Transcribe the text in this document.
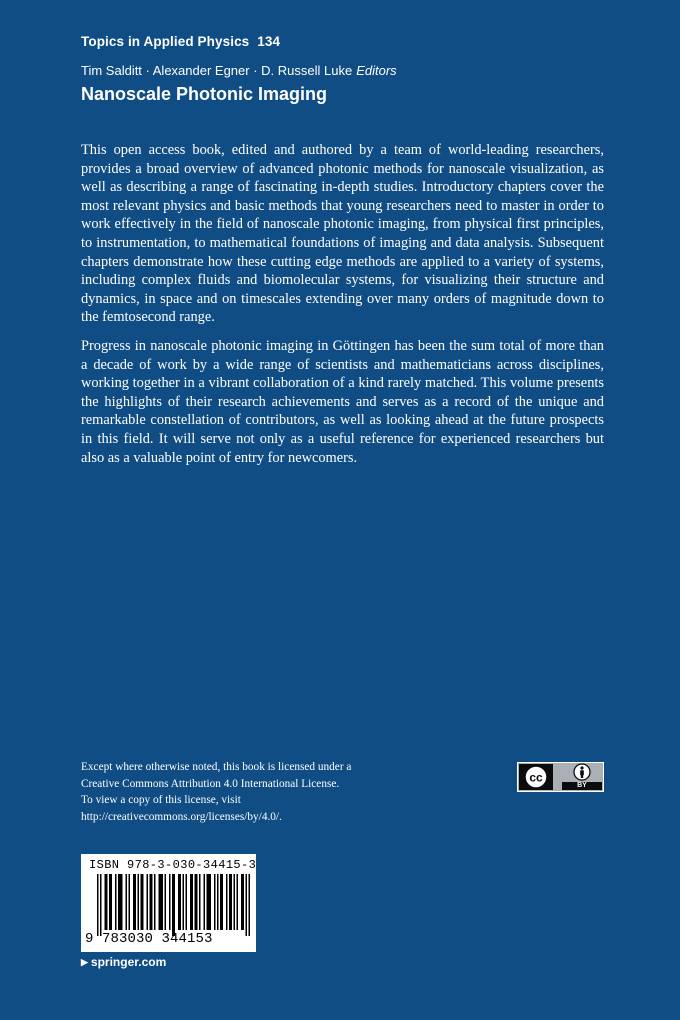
Topics in Applied Physics 134
Tim Salditt · Alexander Egner · D. Russell Luke Editors
Nanoscale Photonic Imaging

This open access book, edited and authored by a team of world-leading researchers, provides a broad overview of advanced photonic methods for nanoscale visualization, as well as describing a range of fascinating in-depth studies. Introductory chapters cover the most relevant physics and basic methods that young researchers need to master in order to work effectively in the field of nanoscale photonic imaging, from physical first principles, to instrumentation, to mathematical foundations of imaging and data analysis. Subsequent chapters demonstrate how these cutting edge methods are applied to a variety of systems, including complex fluids and biomolecular systems, for visualizing their structure and dynamics, in space and on timescales extending over many orders of magnitude down to the femtosecond range.

Progress in nanoscale photonic imaging in Göttingen has been the sum total of more than a decade of work by a wide range of scientists and mathematicians across disciplines, working together in a vibrant collaboration of a kind rarely matched. This volume presents the highlights of their research achievements and serves as a record of the unique and remarkable constellation of contributors, as well as looking ahead at the future prospects in this field. It will serve not only as a useful reference for experienced researchers but also as a valuable point of entry for newcomers.

Except where otherwise noted, this book is licensed under a
Creative Commons Attribution 4.0 International License.
To view a copy of this license, visit
http://creativecommons.org/licenses/by/4.0/.
cc
BY
ISBN 978-3-030-34415-3
9 783030 344153
▶ springer.com
